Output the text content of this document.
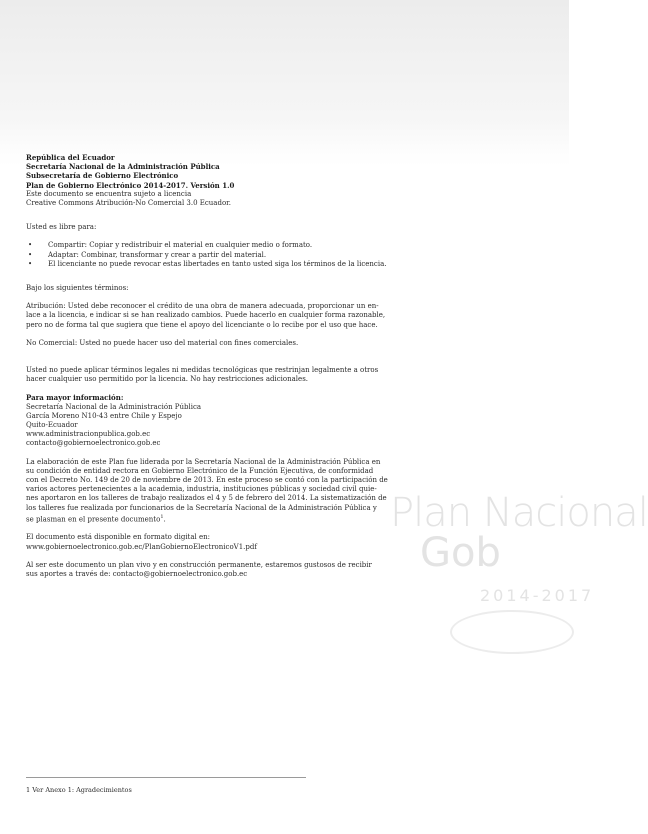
Plan Nacional
Gob
2014-2017

República del Ecuador

Secretaría Nacional de la Administración Pública

Subsecretaría de Gobierno Electrónico

Plan de Gobierno Electrónico 2014-2017. Versión 1.0

Este documento se encuentra sujeto a licencia

Creative Commons Atribución-No Comercial 3.0 Ecuador.

Usted es libre para:

• Compartir: Copiar y redistribuir el material en cualquier medio o formato.
• Adaptar: Combinar, transformar y crear a partir del material.
• El licenciante no puede revocar estas libertades en tanto usted siga los términos de la licencia.

Bajo los siguientes términos:

Atribución: Usted debe reconocer el crédito de una obra de manera adecuada, proporcionar un en-

lace a la licencia, e indicar si se han realizado cambios. Puede hacerlo en cualquier forma razonable,

pero no de forma tal que sugiera que tiene el apoyo del licenciante o lo recibe por el uso que hace.

No Comercial: Usted no puede hacer uso del material con fines comerciales.

Usted no puede aplicar términos legales ni medidas tecnológicas que restrinjan legalmente a otros

hacer cualquier uso permitido por la licencia. No hay restricciones adicionales.

Para mayor información:

Secretaría Nacional de la Administración Pública

García Moreno N10-43 entre Chile y Espejo

Quito-Ecuador

www.administracionpublica.gob.ec

contacto@gobiernoelectronico.gob.ec

La elaboración de este Plan fue liderada por la Secretaría Nacional de la Administración Pública en

su condición de entidad rectora en Gobierno Electrónico de la Función Ejecutiva, de conformidad

con el Decreto No. 149 de 20 de noviembre de 2013. En este proceso se contó con la participación de

varios actores pertenecientes a la academia, industria, instituciones públicas y sociedad civil quie-

nes aportaron en los talleres de trabajo realizados el 4 y 5 de febrero del 2014. La sistematización de

los talleres fue realizada por funcionarios de la Secretaría Nacional de la Administración Pública y

se plasman en el presente documento$^1$.

El documento está disponible en formato digital en:

www.gobiernoelectronico.gob.ec/PlanGobiernoElectronicoV1.pdf

Al ser este documento un plan vivo y en construcción permanente, estaremos gustosos de recibir

sus aportes a través de: contacto@gobiernoelectronico.gob.ec

1 Ver Anexo 1: Agradecimientos
